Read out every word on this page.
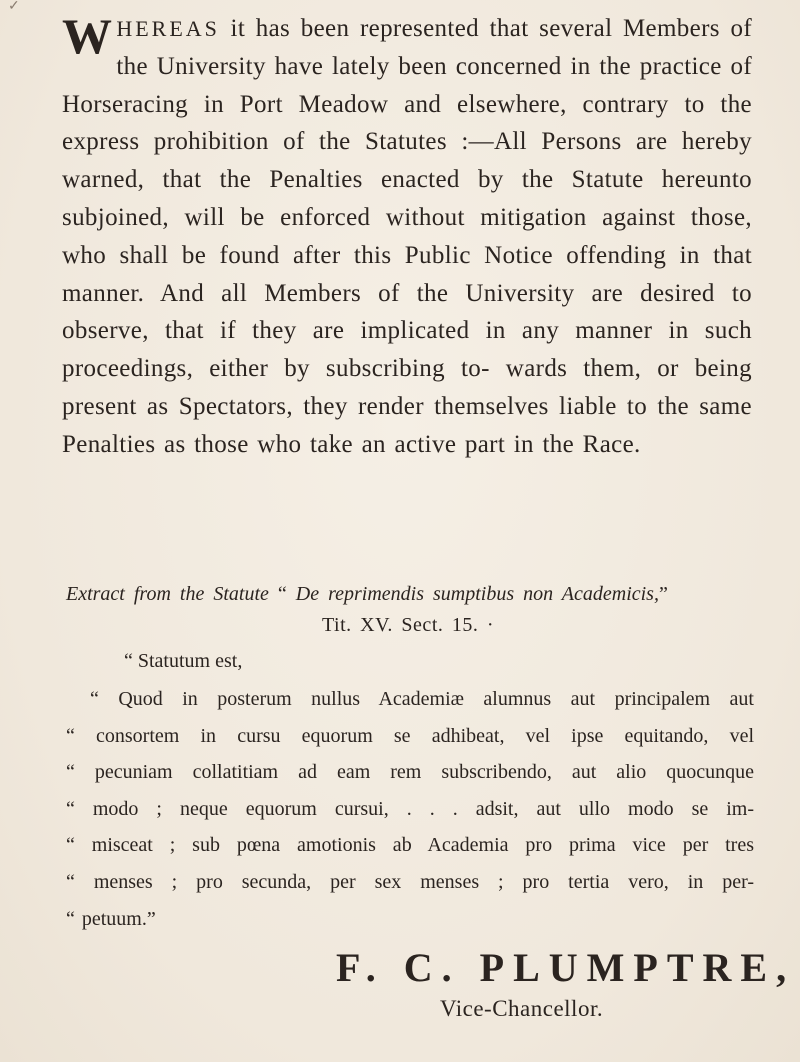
✓
WHEREAS it has been represented that several Members of the University have lately been concerned in the practice of Horseracing in Port Meadow and elsewhere, contrary to the express prohibition of the Statutes :—All Persons are hereby warned, that the Penalties enacted by the Statute hereunto subjoined, will be enforced without mitigation against those, who shall be found after this Public Notice offending in that manner. And all Members of the University are desired to observe, that if they are implicated in any manner in such proceedings, either by subscribing to- wards them, or being present as Spectators, they render themselves liable to the same Penalties as those who take an active part in the Race.
Extract from the Statute “ De reprimendis sumptibus non Academicis,”
Tit. XV. Sect. 15. ·
“ Statutum est,
“ Quod in posterum nullus Academiæ alumnus aut principalem aut
“ consortem in cursu equorum se adhibeat, vel ipse equitando, vel
“ pecuniam collatitiam ad eam rem subscribendo, aut alio quocunque
“ modo ; neque equorum cursui, . . . adsit, aut ullo modo se im-
“ misceat ; sub pœna amotionis ab Academia pro prima vice per tres
“ menses ; pro secunda, per sex menses ; pro tertia vero, in per-
“ petuum.”
F. C. PLUMPTRE,
Vice-Chancellor.
